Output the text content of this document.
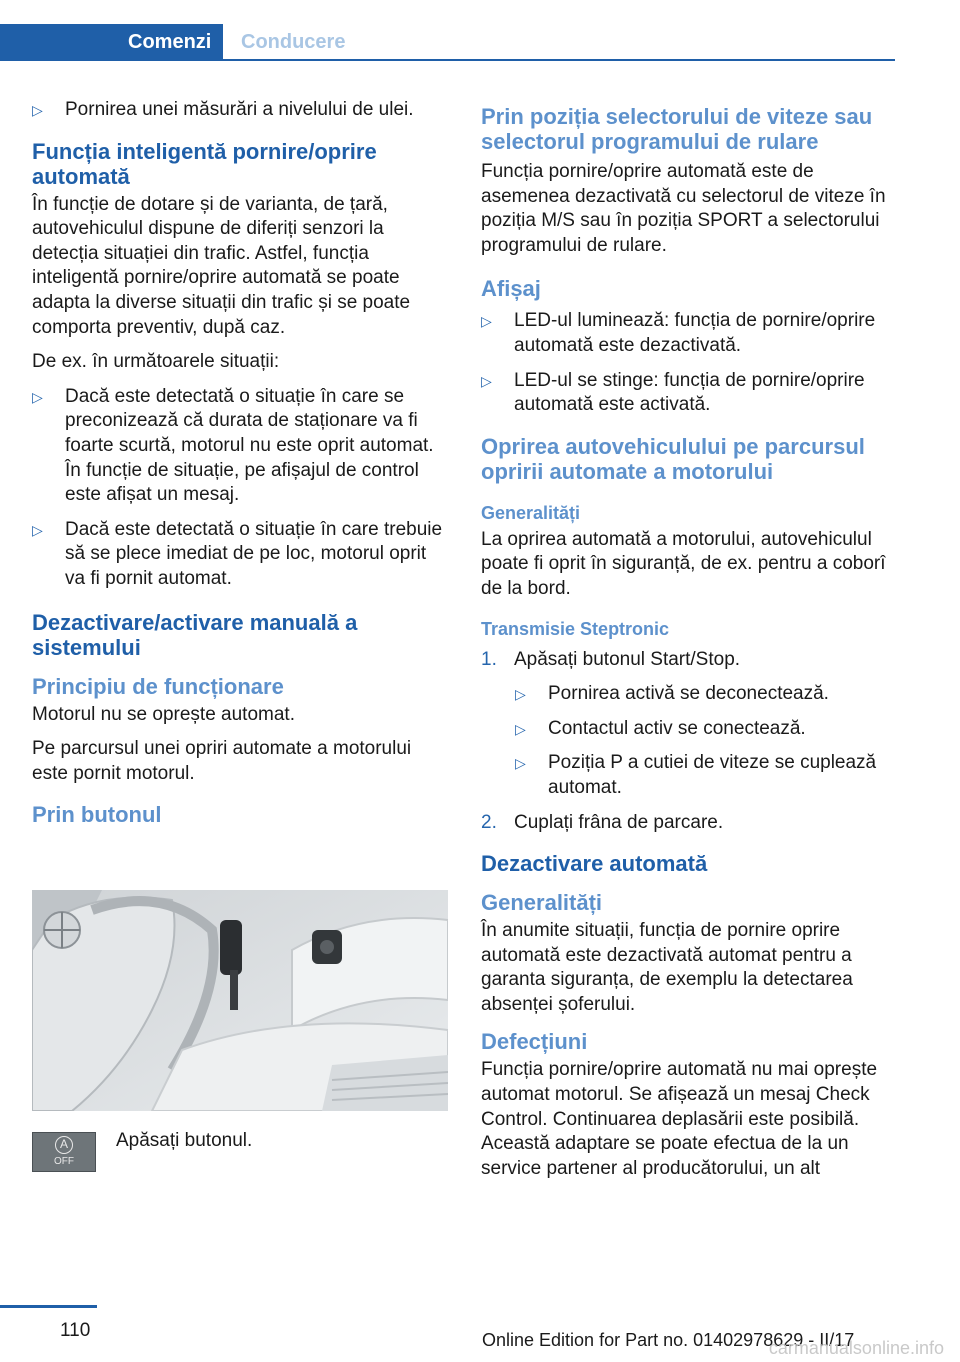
Comenzi Conducere
▷ Pornirea unei măsurări a nivelului de ulei.
Funcția inteligentă pornire/oprire automată

În funcție de dotare și de varianta, de țară, autovehiculul dispune de diferiți senzori la detecția situației din trafic. Astfel, funcția inteligentă pornire/oprire automată se poate adapta la diverse situații din trafic și se poate comporta preventiv, după caz.

De ex. în următoarele situații:

▷ Dacă este detectată o situație în care se preconizează că durata de staționare va fi foarte scurtă, motorul nu este oprit automat. În funcție de situație, pe afișajul de control este afișat un mesaj.
▷ Dacă este detectată o situație în care trebuie să se plece imediat de pe loc, motorul oprit va fi pornit automat.
Dezactivare/activare manuală a sistemului
Principiu de funcționare

Motorul nu se oprește automat.

Pe parcursul unei opriri automate a motorului este pornit motorul.

Prin butonul
A
OFF
Apăsați butonul.
Prin poziția selectorului de viteze sau selectorul programului de rulare

Funcția pornire/oprire automată este de asemenea dezactivată cu selectorul de viteze în poziția M/S sau în poziția SPORT a selectorului programului de rulare.

Afișaj
▷ LED-ul luminează: funcția de pornire/oprire automată este dezactivată.
▷ LED-ul se stinge: funcția de pornire/oprire automată este activată.
Oprirea autovehiculului pe parcursul opririi automate a motorului
Generalități

La oprirea automată a motorului, autovehiculul poate fi oprit în siguranță, de ex. pentru a coborî de la bord.

Transmisie Steptronic
1. Apăsați butonul Start/Stop.
▷ Pornirea activă se deconectează.
▷ Contactul activ se conectează.
▷ Poziția P a cutiei de viteze se cuplează automat.
2. Cuplați frâna de parcare.
Dezactivare automată
Generalități

În anumite situații, funcția de pornire oprire automată este dezactivată automat pentru a garanta siguranța, de exemplu la detectarea absenței șoferului.

Defecțiuni

Funcția pornire/oprire automată nu mai oprește automat motorul. Se afișează un mesaj Check Control. Continuarea deplasării este posibilă. Această adaptare se poate efectua de la un service partener al producătorului, un alt

110	Online Edition for Part no. 01402978629 - II/17
carmanualsonline.info
